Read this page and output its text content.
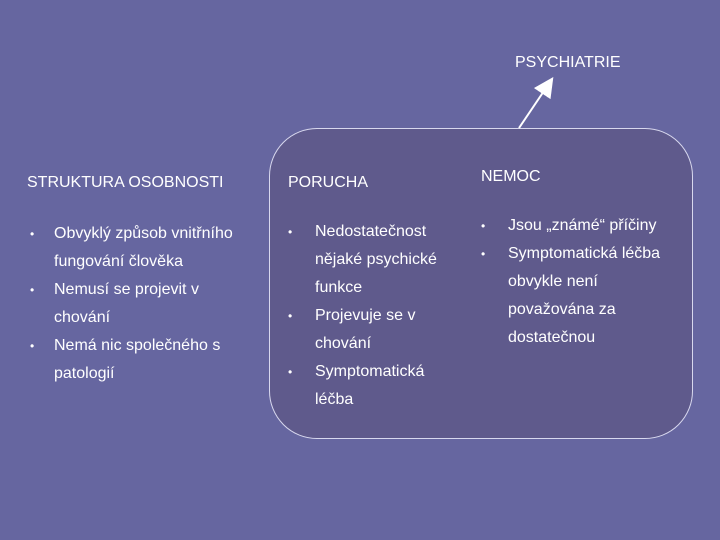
PSYCHIATRIE
STRUKTURA OSOBNOSTI	PORUCHA	NEMOC
• Obvyklý způsob vnitřního fungování člověka
• Nemusí se projevit v chování
• Nemá nic společného s patologií
• Nedostatečnost nějaké psychické funkce
• Projevuje se v chování
• Symptomatická léčba
• Jsou „známé“ příčiny
• Symptomatická léčba obvykle není považována za dostatečnou
